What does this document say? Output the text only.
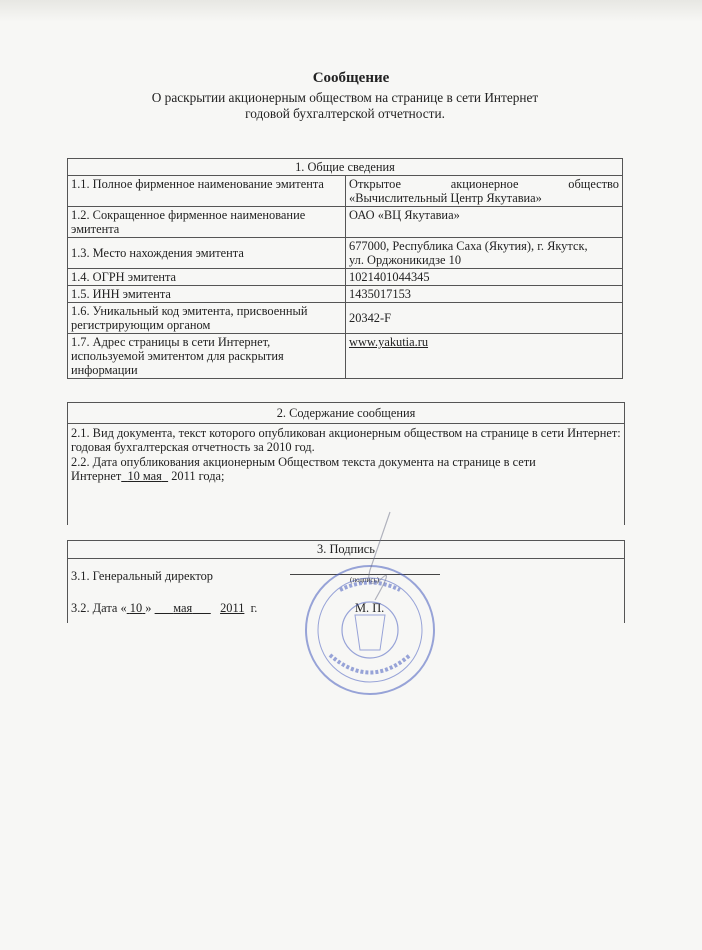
Сообщение
О раскрытии акционерным обществом на странице в сети Интернет
годовой бухгалтерской отчетности.
1. Общие сведения	
1.1. Полное фирменное наименование эмитента	Открытое акционерное общество
«Вычислительный Центр Якутавиа»

1.2. Сокращенное фирменное наименование эмитента	ОАО «ВЦ Якутавиа»
1.3. Место нахождения эмитента	677000, Республика Саха (Якутия), г. Якутск,
ул. Орджоникидзе 10

1.4. ОГРН эмитента	1021401044345
1.5. ИНН эмитента	1435017153
1.6. Уникальный код эмитента, присвоенный регистрирующим органом	20342-F
1.7. Адрес страницы в сети Интернет, используемой эмитентом для раскрытия информации	www.yakutia.ru
2. Содержание сообщения
2.1. Вид документа, текст которого опубликован акционерным обществом на странице в сети Интернет: годовая бухгалтерская отчетность за 2010 год.
2.2. Дата опубликования акционерным Обществом текста документа на странице в сети
Интернет 10 мая 2011 года;
3. Подпись
3.1. Генеральный директор	(подпись)
3.2. Дата « 10 » мая 2011 г.	М. П.
